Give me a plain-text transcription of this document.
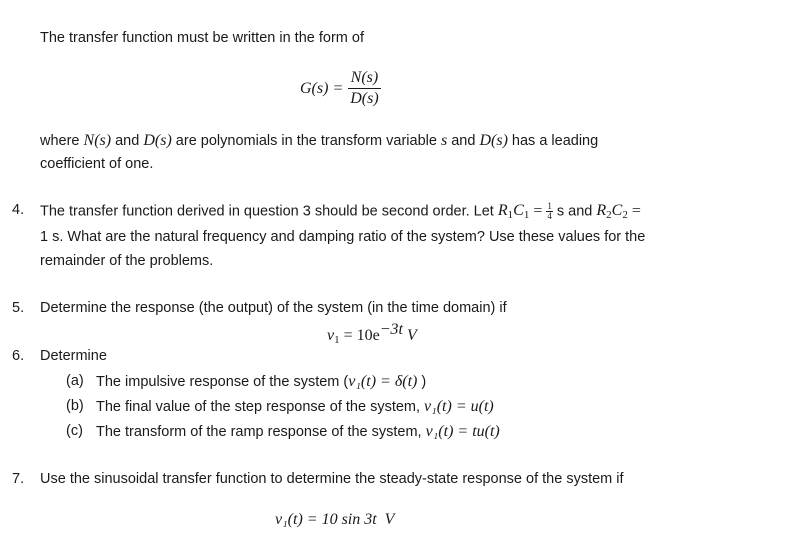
The transfer function must be written in the form of
$G(s) = \frac{N(s)}{D(s)}$
where N(s) and D(s) are polynomials in the transform variable s and D(s) has a leading
coefficient of one.
4. The transfer function derived in question 3 should be second order. Let $R_1C_1 = \frac{1}{4}$ s and $R_2C_2$ =
1 s. What are the natural frequency and damping ratio of the system? Use these values for the
remainder of the problems.
5. Determine the response (the output) of the system (in the time domain) if
$v_1 = 10e^{-3t}$ V
6. Determine
(a) The impulsive response of the system (v₁(t) = δ(t) )
(b) The final value of the step response of the system, v₁(t) = u(t)
(c) The transform of the ramp response of the system, v₁(t) = tu(t)
7. Use the sinusoidal transfer function to determine the steady-state response of the system if
v₁(t) = 10 sin 3t  V
